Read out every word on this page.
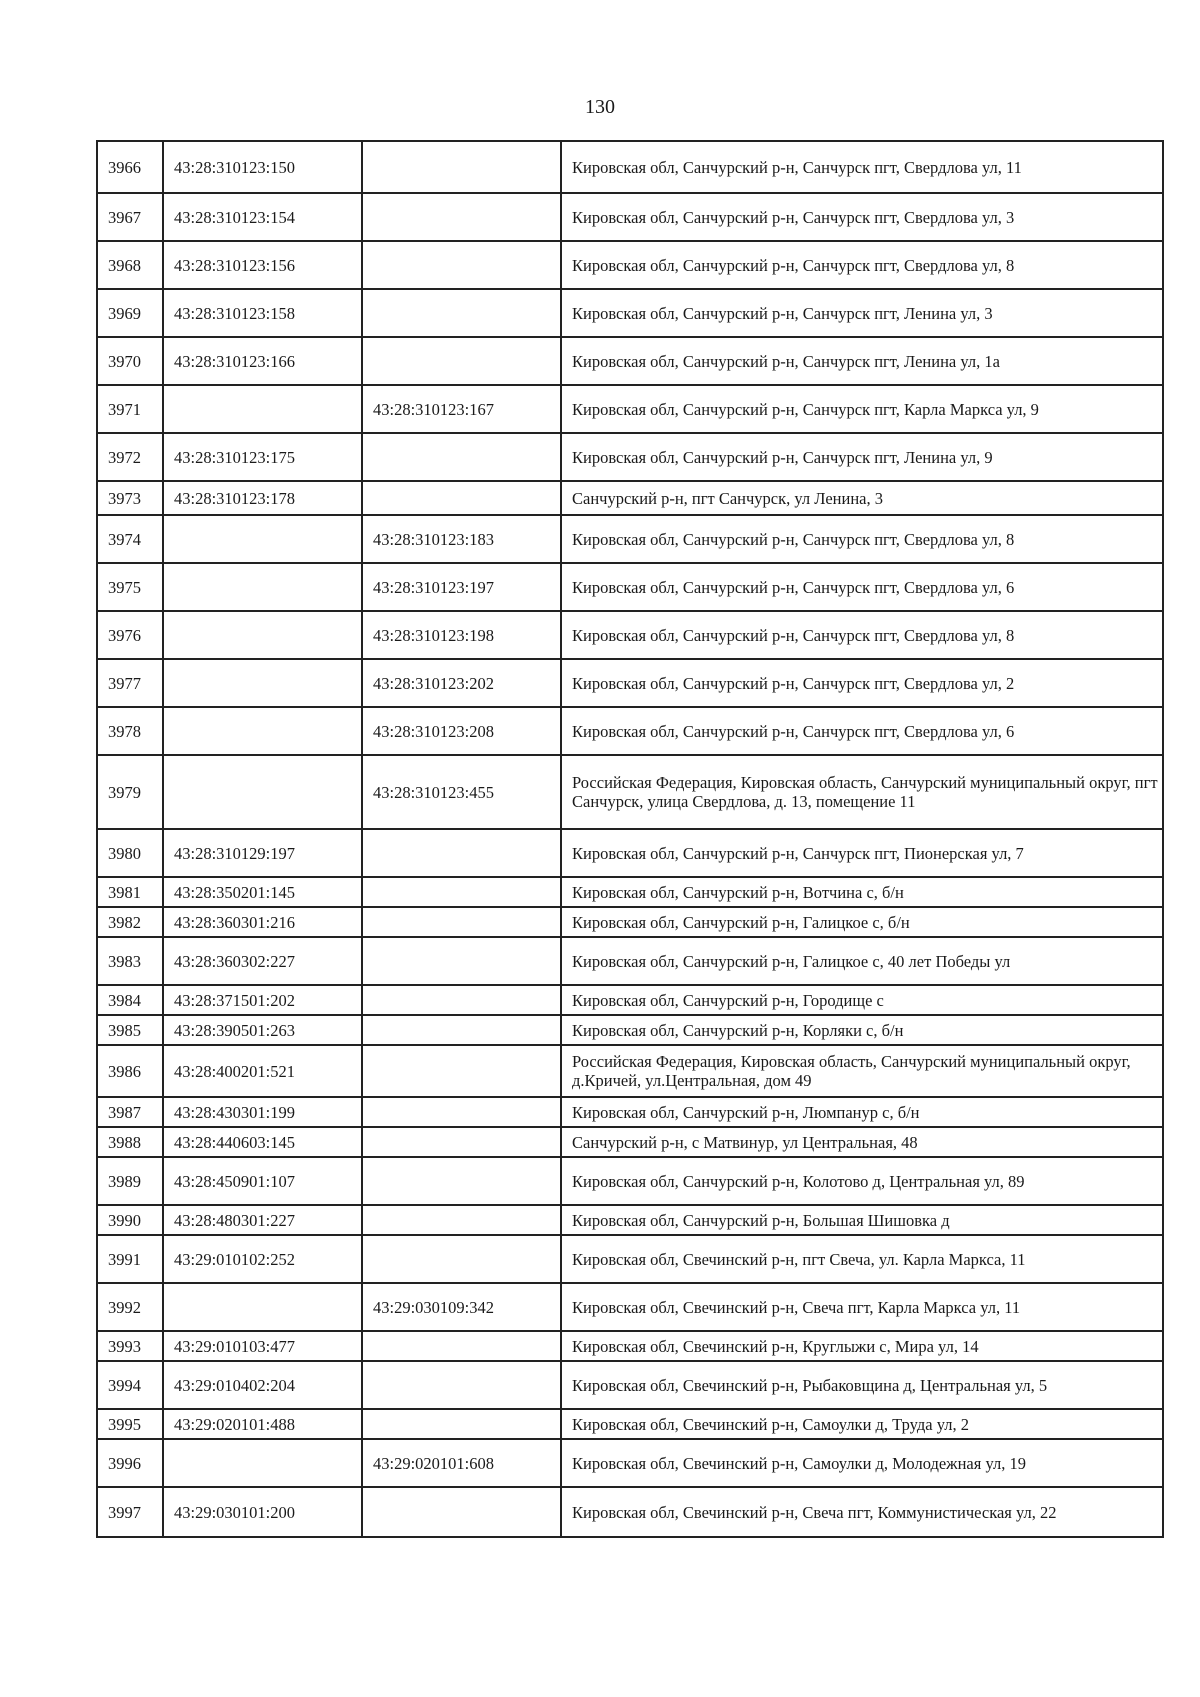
130
3966	43:28:310123:150		Кировская обл, Санчурский р-н, Санчурск пгт, Свердлова ул, 11
3967	43:28:310123:154		Кировская обл, Санчурский р-н, Санчурск пгт, Свердлова ул, 3
3968	43:28:310123:156		Кировская обл, Санчурский р-н, Санчурск пгт, Свердлова ул, 8
3969	43:28:310123:158		Кировская обл, Санчурский р-н, Санчурск пгт, Ленина ул, 3
3970	43:28:310123:166		Кировская обл, Санчурский р-н, Санчурск пгт, Ленина ул, 1а
3971		43:28:310123:167	Кировская обл, Санчурский р-н, Санчурск пгт, Карла Маркса ул, 9
3972	43:28:310123:175		Кировская обл, Санчурский р-н, Санчурск пгт, Ленина ул, 9
3973	43:28:310123:178		Санчурский р-н, пгт Санчурск, ул Ленина, 3
3974		43:28:310123:183	Кировская обл, Санчурский р-н, Санчурск пгт, Свердлова ул, 8
3975		43:28:310123:197	Кировская обл, Санчурский р-н, Санчурск пгт, Свердлова ул, 6
3976		43:28:310123:198	Кировская обл, Санчурский р-н, Санчурск пгт, Свердлова ул, 8
3977		43:28:310123:202	Кировская обл, Санчурский р-н, Санчурск пгт, Свердлова ул, 2
3978		43:28:310123:208	Кировская обл, Санчурский р-н, Санчурск пгт, Свердлова ул, 6
3979		43:28:310123:455	Российская Федерация, Кировская область, Санчурский муниципальный округ, пгт Санчурск, улица Свердлова, д. 13, помещение 11
3980	43:28:310129:197		Кировская обл, Санчурский р-н, Санчурск пгт, Пионерская ул, 7
3981	43:28:350201:145		Кировская обл, Санчурский р-н, Вотчина с, б/н
3982	43:28:360301:216		Кировская обл, Санчурский р-н, Галицкое с, б/н
3983	43:28:360302:227		Кировская обл, Санчурский р-н, Галицкое с, 40 лет Победы ул
3984	43:28:371501:202		Кировская обл, Санчурский р-н, Городище с
3985	43:28:390501:263		Кировская обл, Санчурский р-н, Корляки с, б/н
3986	43:28:400201:521		Российская Федерация, Кировская область, Санчурский муниципальный округ, д.Кричей, ул.Центральная, дом 49
3987	43:28:430301:199		Кировская обл, Санчурский р-н, Люмпанур с, б/н
3988	43:28:440603:145		Санчурский р-н, с Матвинур, ул Центральная, 48
3989	43:28:450901:107		Кировская обл, Санчурский р-н, Колотово д, Центральная ул, 89
3990	43:28:480301:227		Кировская обл, Санчурский р-н, Большая Шишовка д
3991	43:29:010102:252		Кировская обл, Свечинский р-н, пгт Свеча, ул. Карла Маркса, 11
3992		43:29:030109:342	Кировская обл, Свечинский р-н, Свеча пгт, Карла Маркса ул, 11
3993	43:29:010103:477		Кировская обл, Свечинский р-н, Круглыжи с, Мира ул, 14
3994	43:29:010402:204		Кировская обл, Свечинский р-н, Рыбаковщина д, Центральная ул, 5
3995	43:29:020101:488		Кировская обл, Свечинский р-н, Самоулки д, Труда ул, 2
3996		43:29:020101:608	Кировская обл, Свечинский р-н, Самоулки д, Молодежная ул, 19
3997	43:29:030101:200		Кировская обл, Свечинский р-н, Свеча пгт, Коммунистическая ул, 22
